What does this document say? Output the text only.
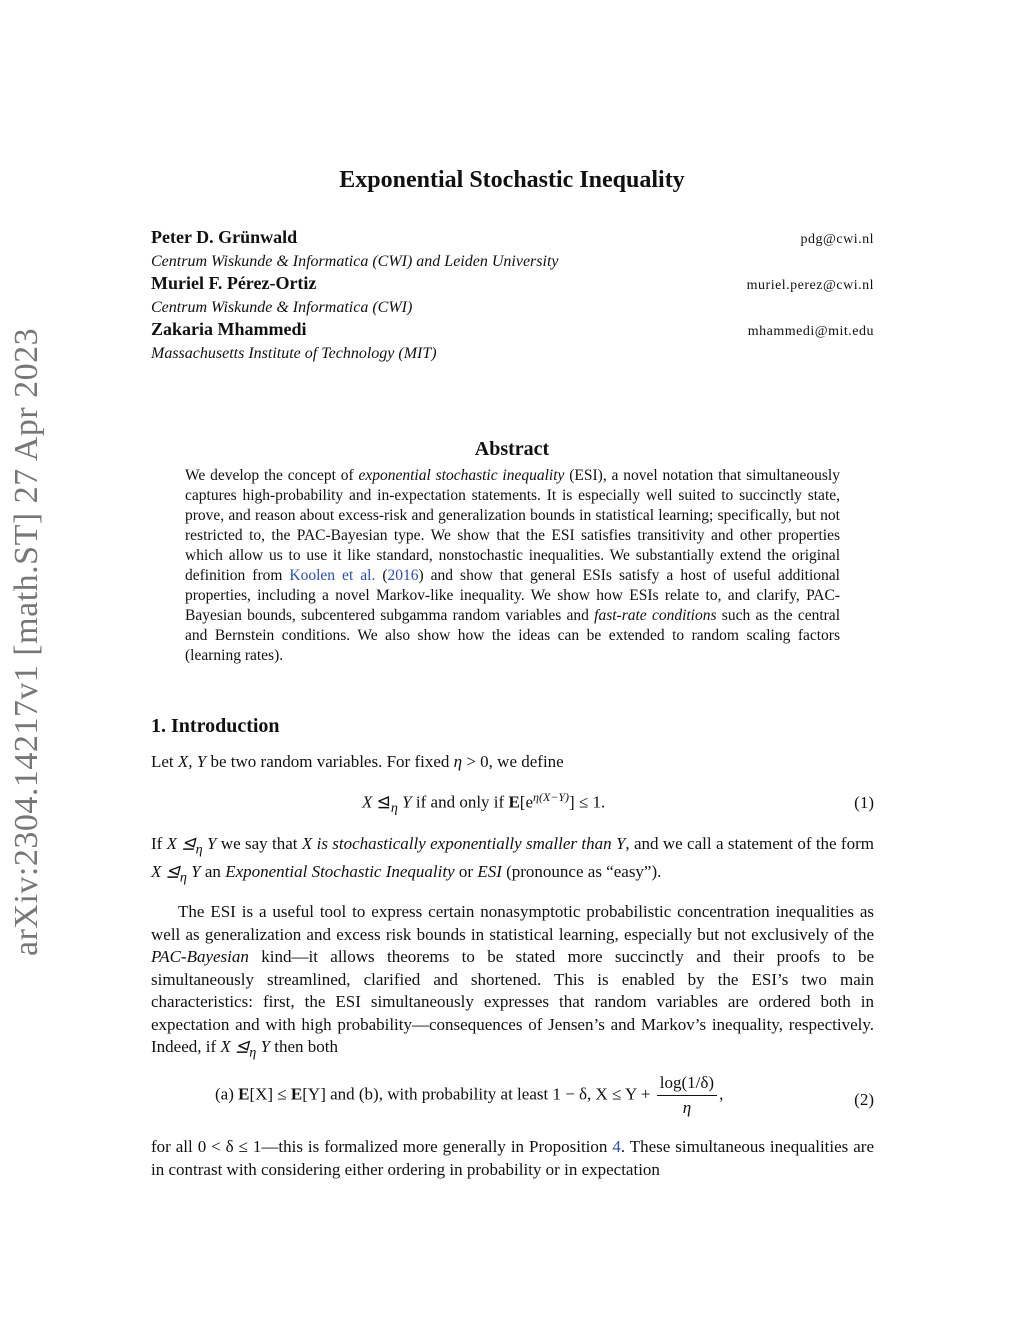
arXiv:2304.14217v1 [math.ST] 27 Apr 2023
Exponential Stochastic Inequality
Peter D. Grünwald	pdg@cwi.nl
Centrum Wiskunde & Informatica (CWI) and Leiden University
Muriel F. Pérez-Ortiz	muriel.perez@cwi.nl
Centrum Wiskunde & Informatica (CWI)
Zakaria Mhammedi	mhammedi@mit.edu
Massachusetts Institute of Technology (MIT)
Abstract
We develop the concept of exponential stochastic inequality (ESI), a novel notation that simultaneously captures high-probability and in-expectation statements. It is especially well suited to succinctly state, prove, and reason about excess-risk and generalization bounds in statistical learning; specifically, but not restricted to, the PAC-Bayesian type. We show that the ESI satisfies transitivity and other properties which allow us to use it like standard, nonstochastic inequalities. We substantially extend the original definition from Koolen et al. (2016) and show that general ESIs satisfy a host of useful additional properties, including a novel Markov-like inequality. We show how ESIs relate to, and clarify, PAC-Bayesian bounds, subcentered subgamma random variables and fast-rate conditions such as the central and Bernstein conditions. We also show how the ideas can be extended to random scaling factors (learning rates).
1. Introduction
Let X, Y be two random variables. For fixed η > 0, we define
X $⊴_\eta$ Y if and only if $E[e^{\eta(X-Y)}] \le 1$.	(1)
If X $⊴_\eta$ Y we say that X is stochastically exponentially smaller than Y, and we call a statement of the form X $⊴_\eta$ Y an Exponential Stochastic Inequality or ESI (pronounce as “easy”).
The ESI is a useful tool to express certain nonasymptotic probabilistic concentration inequalities as well as generalization and excess risk bounds in statistical learning, especially but not exclusively of the PAC-Bayesian kind—it allows theorems to be stated more succinctly and their proofs to be simultaneously streamlined, clarified and shortened. This is enabled by the ESI’s two main characteristics: first, the ESI simultaneously expresses that random variables are ordered both in expectation and with high probability—consequences of Jensen’s and Markov’s inequality, respectively. Indeed, if X $⊴_\eta$ Y then both
(a) E[X] ≤ E[Y] and (b), with probability at least 1 − δ, $X \le Y + \frac{\log(1/\delta)}{\eta}$ ,	(2)
for all 0 < δ ≤ 1—this is formalized more generally in Proposition 4. These simultaneous inequalities are in contrast with considering either ordering in probability or in expectation
